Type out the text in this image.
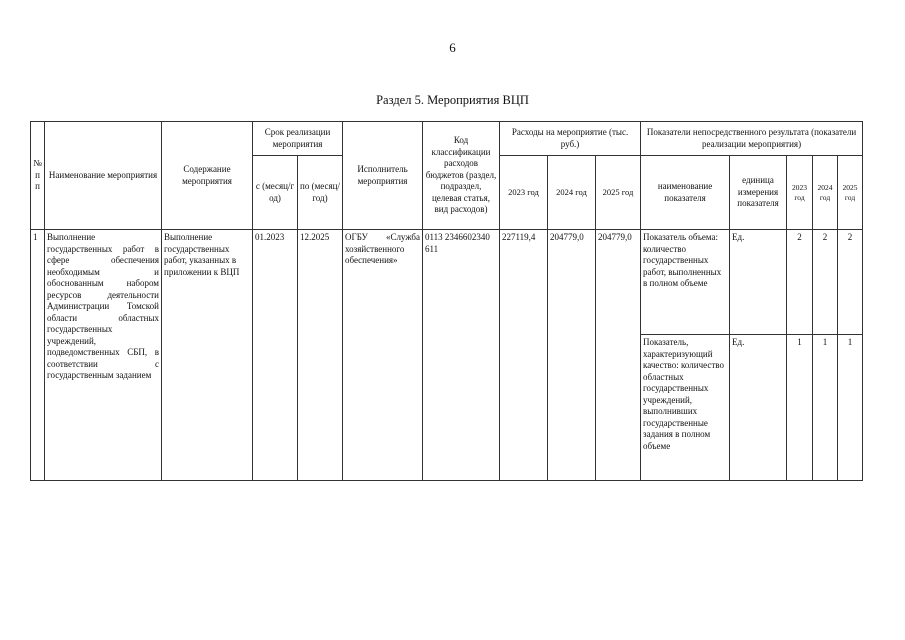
6
Раздел 5. Мероприятия ВЦП
№ п п	Наименование мероприятия	Содержание мероприятия	Срок реализации мероприятия		Исполнитель мероприятия	Код классификации расходов бюджетов (раздел, подраздел, целевая статья, вид расходов)	Расходы на мероприятие (тыс. руб.)			Показатели непосредственного результата (показатели реализации мероприятия)				
			с (месяц/г од)	по (месяц/ год)			2023 год	2024 год	2025 год	наименование показателя	единица измерения показателя	2023 год	2024 год	2025 год
1	Выполнение государственных работ в сфере обеспечения необходимым и обоснованным набором ресурсов деятельности Администрации Томской области областных государственных учреждений, подведомственных СБП, в соответствии с государственным заданием	Выполнение государственных работ, указанных в приложении к ВЦП	01.2023	12.2025	ОГБУ «Служба хозяйственного обеспечения»	0113 2346602340 611	227119,4	204779,0	204779,0	Показатель объема: количество государственных работ, выполненных в полном объеме	Ед.	2	2	2
										Показатель, характеризующий качество: количество областных государственных учреждений, выполнивших государственные задания в полном объеме	Ед.	1	1	1
